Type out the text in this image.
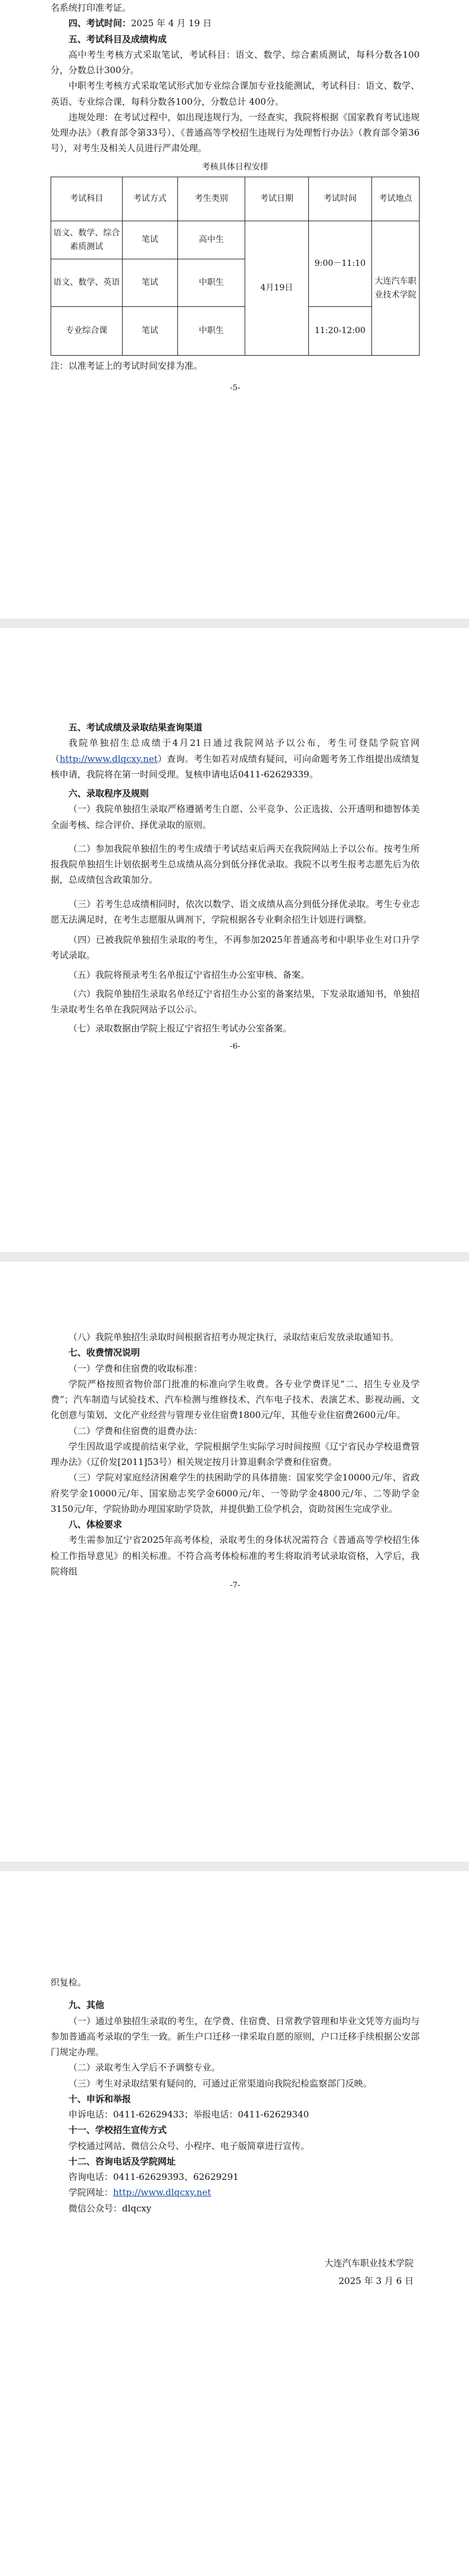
名系统打印准考证。
四、考试时间：2025 年 4 月 19 日
五、考试科目及成绩构成
高中考生考核方式采取笔试，考试科目：语文、数学、综合素质测试，每科分数各100分，分数总计300分。
中职考生考核方式采取笔试形式加专业综合课加专业技能测试，考试科目：语文、数学、英语、专业综合课，每科分数各100分，分数总计 400分。
违规处理：在考试过程中，如出现违规行为，一经查实，我院将根据《国家教育考试违规处理办法》（教育部令第33号）、《普通高等学校招生违规行为处理暂行办法》（教育部令第36号），对考生及相关人员进行严肃处理。
考核具体日程安排
考试科目	考试方式	考生类别	考试日期	考试时间	考试地点
语文、数学、综合素质测试	笔试	高中生	4月19日	9:00－11:10	大连汽车职业技术学院
语文、数学、英语	笔试	中职生			
专业综合课	笔试	中职生		11:20-12:00	
注：以准考证上的考试时间安排为准。
-5-
五、考试成绩及录取结果查询渠道
我院单独招生总成绩于4月21日通过我院网站予以公布，考生可登陆学院官网（http://www.dlqcxy.net）查询。考生如若对成绩有疑问，可向命题考务工作组提出成绩复核申请，我院将在第一时间受理。复核申请电话0411-62629339。
六、录取程序及规则
（一）我院单独招生录取严格遵循考生自愿、公平竞争、公正选拔、公开透明和德智体美全面考核、综合评价、择优录取的原则。
（二）参加我院单独招生的考生成绩于考试结束后两天在我院网站上予以公布。按考生所报我院单独招生计划依据考生总成绩从高分到低分择优录取。我院不以考生报考志愿先后为依据，总成绩包含政策加分。
（三）若考生总成绩相同时，依次以数学、语文成绩从高分到低分择优录取。考生专业志愿无法满足时，在考生志愿服从调剂下，学院根据各专业剩余招生计划进行调整。
（四）已被我院单独招生录取的考生，不再参加2025年普通高考和中职毕业生对口升学考试录取。
（五）我院将预录考生名单报辽宁省招生办公室审核、备案。
（六）我院单独招生录取名单经辽宁省招生办公室的备案结果，下发录取通知书，单独招生录取考生名单在我院网站予以公示。
（七）录取数据由学院上报辽宁省招生考试办公室备案。
-6-
（八）我院单独招生录取时间根据省招考办规定执行，录取结束后发放录取通知书。
七、收费情况说明
（一）学费和住宿费的收取标准：
学院严格按照省物价部门批准的标准向学生收费。各专业学费详见“二、招生专业及学费”；汽车制造与试验技术、汽车检测与维修技术、汽车电子技术、表演艺术、影视动画、文化创意与策划、文化产业经营与管理专业住宿费1800元/年，其他专业住宿费2600元/年。
（二）学费和住宿费的退费办法：
学生因故退学或提前结束学业，学院根据学生实际学习时间按照《辽宁省民办学校退费管理办法》（辽价发[2011]53号）相关规定按月计算退剩余学费和住宿费。
（三）学院对家庭经济困难学生的扶困助学的具体措施：国家奖学金10000元/年、省政府奖学金10000元/年、国家励志奖学金6000元/年、一等助学金4800元/年、二等助学金3150元/年，学院协助办理国家助学贷款，并提供勤工俭学机会，资助贫困生完成学业。
八、体检要求
考生需参加辽宁省2025年高考体检，录取考生的身体状况需符合《普通高等学校招生体检工作指导意见》的相关标准。不符合高考体检标准的考生将取消考试录取资格，入学后，我院将组
-7-
织复检。
九、其他
（一）通过单独招生录取的考生，在学费、住宿费、日常教学管理和毕业文凭等方面均与参加普通高考录取的学生一致。新生户口迁移一律采取自愿的原则，户口迁移手续根据公安部门规定办理。
（二）录取考生入学后不予调整专业。
（三）考生对录取结果有疑问的，可通过正常渠道向我院纪检监察部门反映。
十、申诉和举报
申诉电话：0411-62629433；举报电话：0411-62629340
十一、学校招生宣传方式
学校通过网站、微信公众号、小程序、电子版简章进行宣传。
十二、咨询电话及学院网址
咨询电话：0411-62629393、62629291
学院网址：http://www.dlqcxy.net
微信公众号：dlqcxy
大连汽车职业技术学院
2025 年 3 月 6 日
